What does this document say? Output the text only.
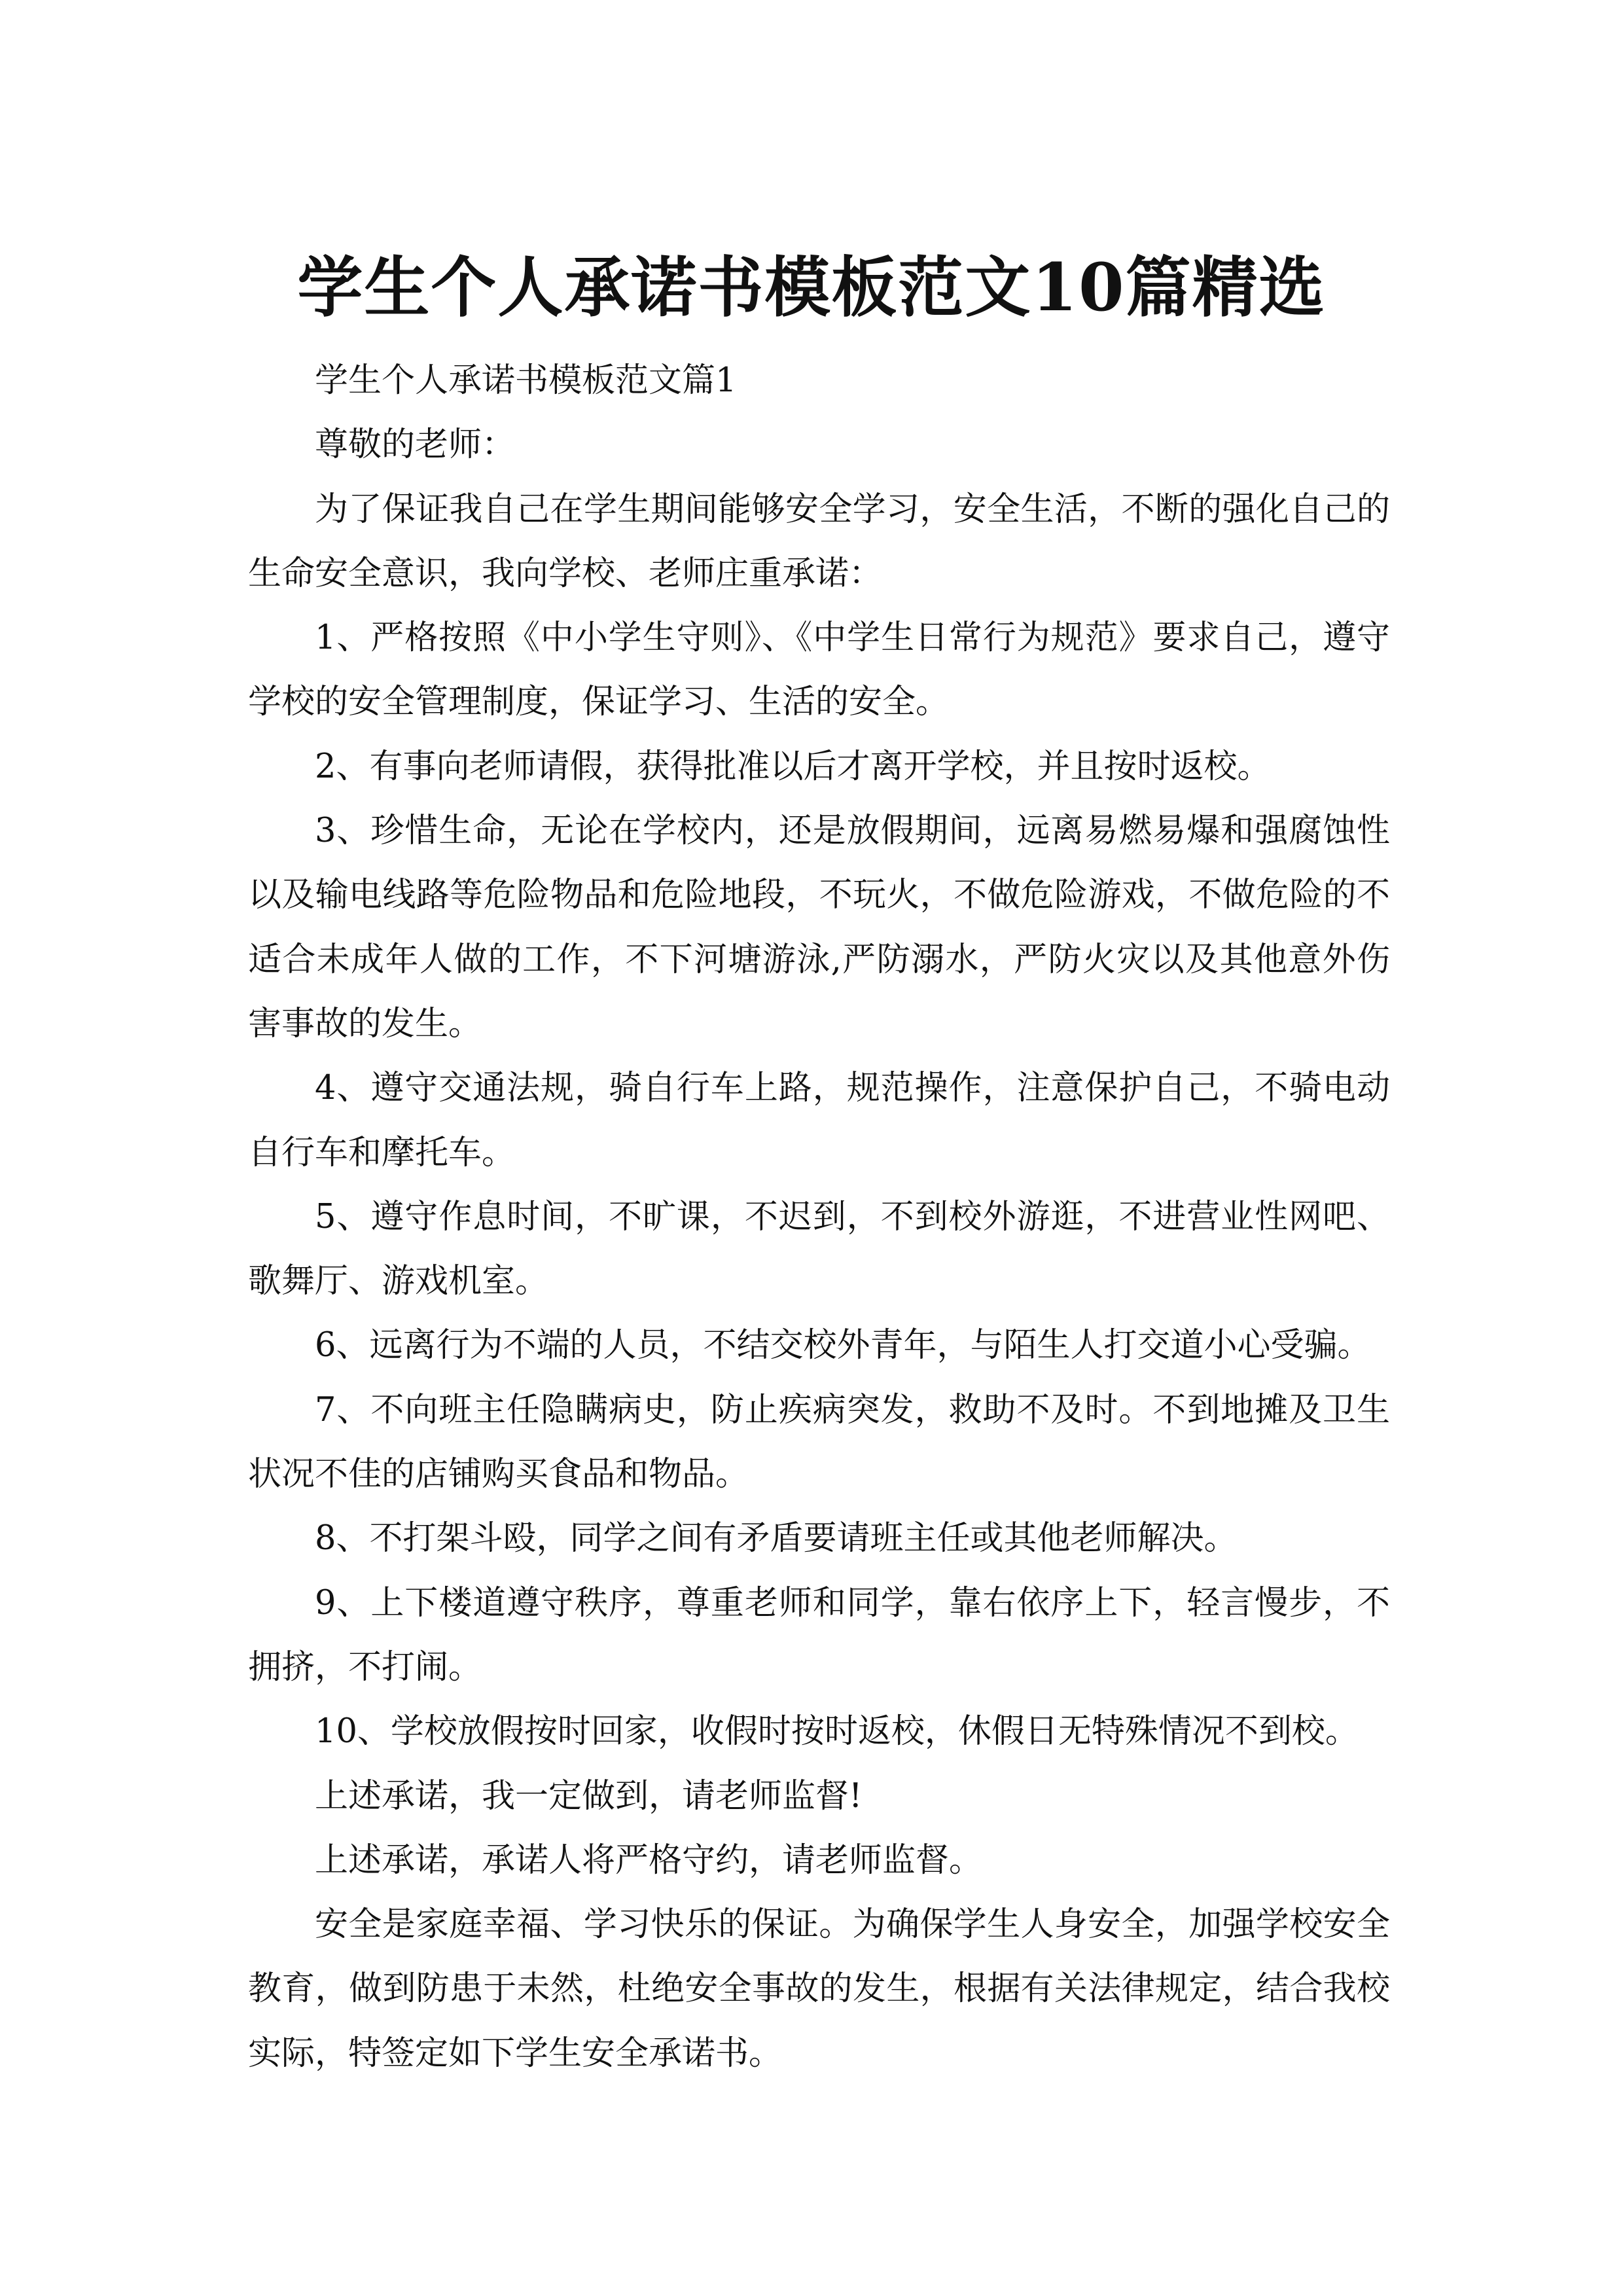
学生个人承诺书模板范文10篇精选

学生个人承诺书模板范文篇1

尊敬的老师：

为了保证我自己在学生期间能够安全学习，安全生活，不断的强化自己的生命安全意识，我向学校、老师庄重承诺：

1、严格按照《中小学生守则》、《中学生日常行为规范》要求自己，遵守学校的安全管理制度，保证学习、生活的安全。

2、有事向老师请假，获得批准以后才离开学校，并且按时返校。

3、珍惜生命，无论在学校内，还是放假期间，远离易燃易爆和强腐蚀性以及输电线路等危险物品和危险地段，不玩火，不做危险游戏，不做危险的不适合未成年人做的工作，不下河塘游泳,严防溺水，严防火灾以及其他意外伤害事故的发生。

4、遵守交通法规，骑自行车上路，规范操作，注意保护自己，不骑电动自行车和摩托车。

5、遵守作息时间，不旷课，不迟到，不到校外游逛，不进营业性网吧、歌舞厅、游戏机室。

6、远离行为不端的人员，不结交校外青年，与陌生人打交道小心受骗。

7、不向班主任隐瞒病史，防止疾病突发，救助不及时。不到地摊及卫生状况不佳的店铺购买食品和物品。

8、不打架斗殴，同学之间有矛盾要请班主任或其他老师解决。

9、上下楼道遵守秩序，尊重老师和同学，靠右依序上下，轻言慢步，不拥挤，不打闹。

10、学校放假按时回家，收假时按时返校，休假日无特殊情况不到校。

上述承诺，我一定做到，请老师监督!

上述承诺，承诺人将严格守约，请老师监督。

安全是家庭幸福、学习快乐的保证。为确保学生人身安全，加强学校安全教育，做到防患于未然，杜绝安全事故的发生，根据有关法律规定，结合我校实际，特签定如下学生安全承诺书。
